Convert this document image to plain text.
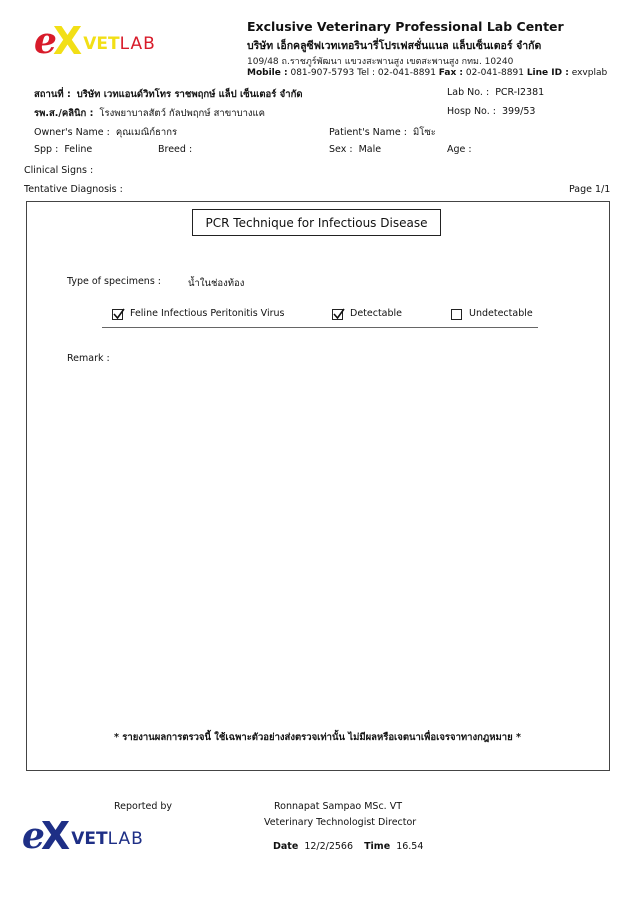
e
X VET LAB
Exclusive Veterinary Professional Lab Center
บริษัท เอ็กคลูซีฟเวทเทอรินารี่โปรเฟสชั่นแนล แล็บเซ็นเตอร์ จำกัด
109/48 ถ.ราชภูร์พัฒนา แขวงสะพานสูง เขตสะพานสูง กทม. 10240
Mobile : 081-907-5793 Tel : 02-041-8891 Fax : 02-041-8891 Line ID : exvplab
สถานที่ : บริษัท เวทแอนด์วิทโทร ราชพฤกษ์ แล็ป เซ็นเตอร์ จำกัด
รพ.ส./คลินิก : โรงพยาบาลสัตว์ กัลปพฤกษ์ สาขาบางแค
Owner's Name : คุณเมณิก์ธากร
Spp : Feline	Breed :
Lab No. : PCR-I2381
Hosp No. : 399/53
Patient's Name : มิโซะ
Sex : Male	Age :
Clinical Signs :
Tentative Diagnosis :	Page 1/1
PCR Technique for Infectious Disease
Type of specimens :	น้ำในช่องท้อง
Feline Infectious Peritonitis Virus	Detectable	Undetectable
Remark :
* รายงานผลการตรวจนี้ ใช้เฉพาะตัวอย่างส่งตรวจเท่านั้น ไม่มีผลหรือเจตนาเพื่อเจรจาทางกฎหมาย *
Reported by	Ronnapat Sampao MSc. VT
Veterinary Technologist Director
Date 12/2/2566 Time 16.54
e
X VET LAB
